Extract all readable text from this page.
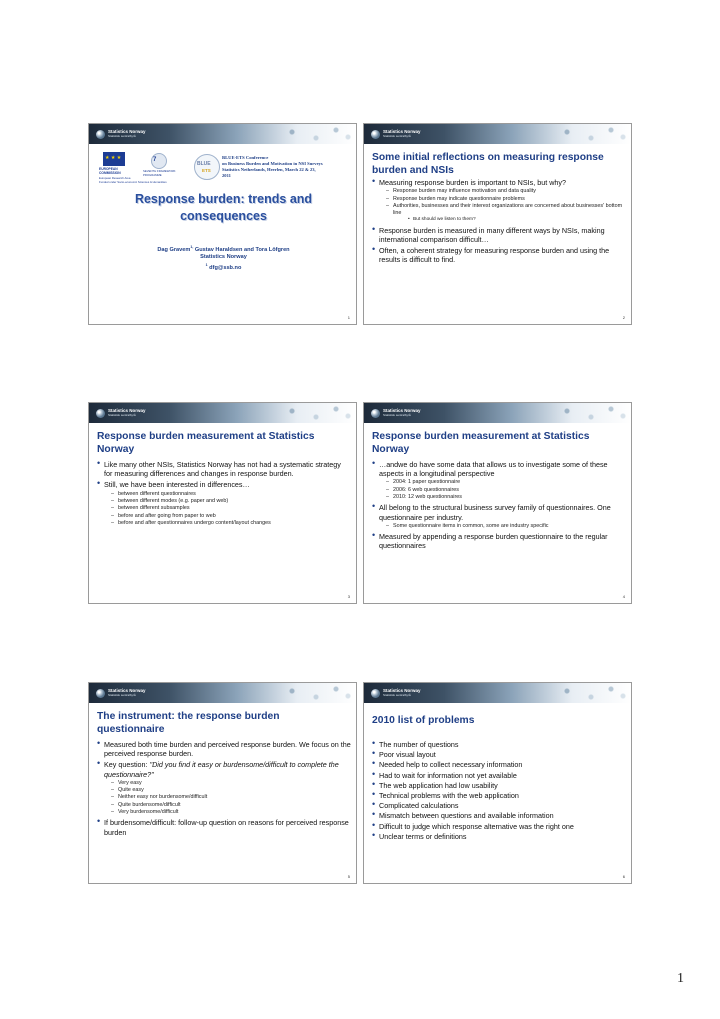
Statistics Norway
Statistisk sentralbyrå
★ ★ ★
EUROPEAN COMMISSION
European Research Area
Funded under Socio-economic Sciences & Humanities
7
SEVENTH FRAMEWORK PROGRAMME
BLUE
ETS
BLUE-ETS Conference
on Business Burden and Motivation in NSI Surveys
Statistics Netherlands, Heerlen, March 22 & 23,
2011
Response burden: trends and
consequences
Dag Gravem$^{1,}$ Gustav Haraldsen and Tora Löfgren
Statistics Norway
$^1$ dfg@ssb.no
1
Statistics Norway
Statistisk sentralbyrå
Some initial reflections on measuring response burden and NSIs
• Measuring response burden is important to NSIs, but why?
– Response burden may influence motivation and data quality
– Response burden may indicate questionnaire problems
– Authorities, businesses and their interest organizations are concerned about businesses' bottom line
• But should we listen to them?
• Response burden is measured in many different ways by NSIs, making international comparison difficult…
• Often, a coherent strategy for measuring response burden and using the results is difficult to find.
2
Statistics Norway
Statistisk sentralbyrå
Response burden measurement at Statistics Norway
• Like many other NSIs, Statistics Norway has not had a systematic strategy for measuring differences and changes in response burden.
• Still, we have been interested in differences…
– between different questionnaires
– between different modes (e.g. paper and web)
– between different subsamples
– before and after going from paper to web
– before and after questionnaires undergo content/layout changes
3
Statistics Norway
Statistisk sentralbyrå
Response burden measurement at Statistics Norway
• …andwe do have some data that allows us to investigate some of these aspects in a longitudinal perspective
– 2004: 1 paper questionnaire
– 2006: 6 web questionnaires
– 2010: 12 web questionnaires
• All belong to the structural business survey family of questionnaires. One questionnaire per industry.
– Some questionnaire items in common, some are industry specific
• Measured by appending a response burden questionnaire to the regular questionnaires
4
Statistics Norway
Statistisk sentralbyrå
The instrument: the response burden questionnaire
• Measured both time burden and perceived response burden. We focus on the perceived response burden.
• Key question: "Did you find it easy or burdensome/difficult to complete the questionnaire?"
– Very easy
– Quite easy
– Neither easy nor burdensome/difficult
– Quite burdensome/difficult
– Very burdensome/difficult
• If burdensome/difficult: follow-up question on reasons for perceived response burden
5
Statistics Norway
Statistisk sentralbyrå
2010 list of problems
• The number of questions
• Poor visual layout
• Needed help to collect necessary information
• Had to wait for information not yet available
• The web application had low usability
• Technical problems with the web application
• Complicated calculations
• Mismatch between questions and available information
• Difficult to judge which response alternative was the right one
• Unclear terms or definitions
6
1
